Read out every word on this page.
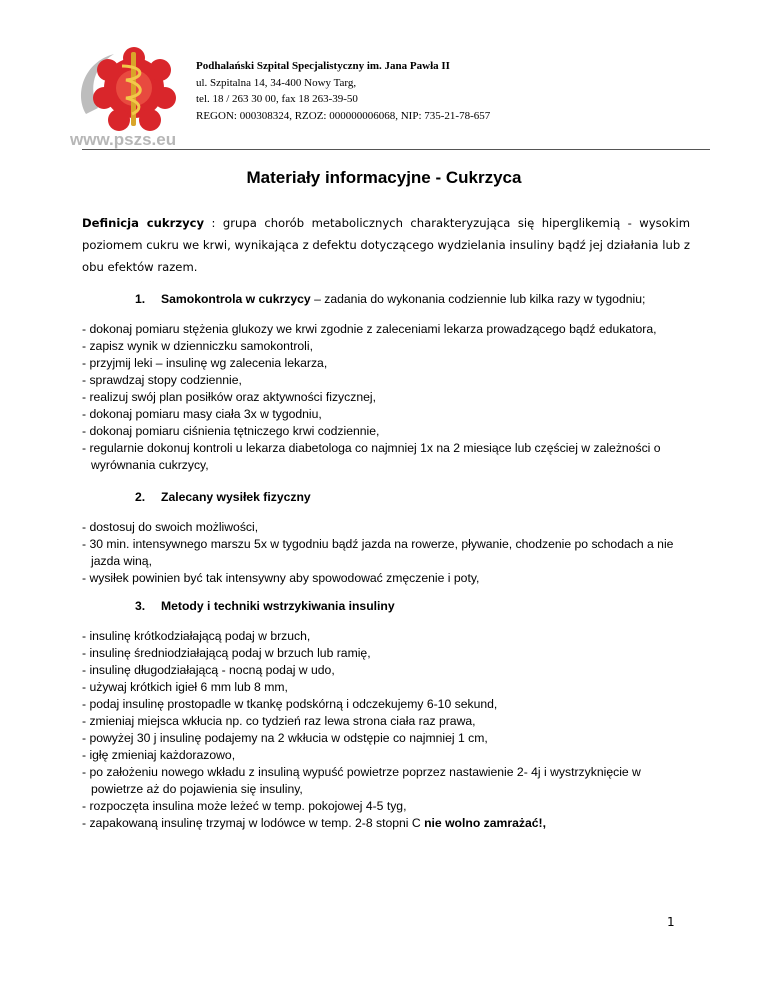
www.pszs.eu
Podhalański Szpital Specjalistyczny im. Jana Pawła II
ul. Szpitalna 14, 34-400 Nowy Targ,
tel. 18 / 263 30 00, fax 18 263-39-50
REGON: 000308324, RZOZ: 000000006068, NIP: 735-21-78-657
Materiały informacyjne - Cukrzyca
Definicja cukrzycy : grupa chorób metabolicznych charakteryzująca się hiperglikemią - wysokim poziomem cukru we krwi, wynikająca z defektu dotyczącego wydzielania insuliny bądź jej działania lub z obu efektów razem.
1. Samokontrola w cukrzycy – zadania do wykonania codziennie lub kilka razy w tygodniu;
- dokonaj pomiaru stężenia glukozy we krwi zgodnie z zaleceniami lekarza prowadzącego bądź edukatora,
- zapisz wynik w dzienniczku samokontroli,
- przyjmij leki – insulinę wg zalecenia lekarza,
- sprawdzaj stopy codziennie,
- realizuj swój plan posiłków oraz aktywności fizycznej,
- dokonaj pomiaru masy ciała 3x w tygodniu,
- dokonaj pomiaru ciśnienia tętniczego krwi codziennie,
- regularnie dokonuj kontroli u lekarza diabetologa co najmniej 1x na 2 miesiące lub częściej w zależności o wyrównania cukrzycy,
2. Zalecany wysiłek fizyczny
- dostosuj do swoich możliwości,
- 30 min. intensywnego marszu 5x w tygodniu bądź jazda na rowerze, pływanie, chodzenie po schodach a nie jazda winą,
- wysiłek powinien być tak intensywny aby spowodować zmęczenie i poty,
3. Metody i techniki wstrzykiwania insuliny
- insulinę krótkodziałającą podaj w brzuch,
- insulinę średniodziałającą podaj w brzuch lub ramię,
- insulinę długodziałającą - nocną podaj w udo,
- używaj krótkich igieł 6 mm lub 8 mm,
- podaj insulinę prostopadle w tkankę podskórną i odczekujemy 6-10 sekund,
- zmieniaj miejsca wkłucia np. co tydzień raz lewa strona ciała raz prawa,
- powyżej 30 j insulinę podajemy na 2 wkłucia w odstępie co najmniej 1 cm,
- igłę zmieniaj każdorazowo,
- po założeniu nowego wkładu z insuliną wypuść powietrze poprzez nastawienie 2- 4j i wystrzyknięcie w powietrze aż do pojawienia się insuliny,
- rozpoczęta insulina może leżeć w temp. pokojowej 4-5 tyg,
- zapakowaną insulinę trzymaj w lodówce w temp. 2-8 stopni C nie wolno zamrażać!,
1
